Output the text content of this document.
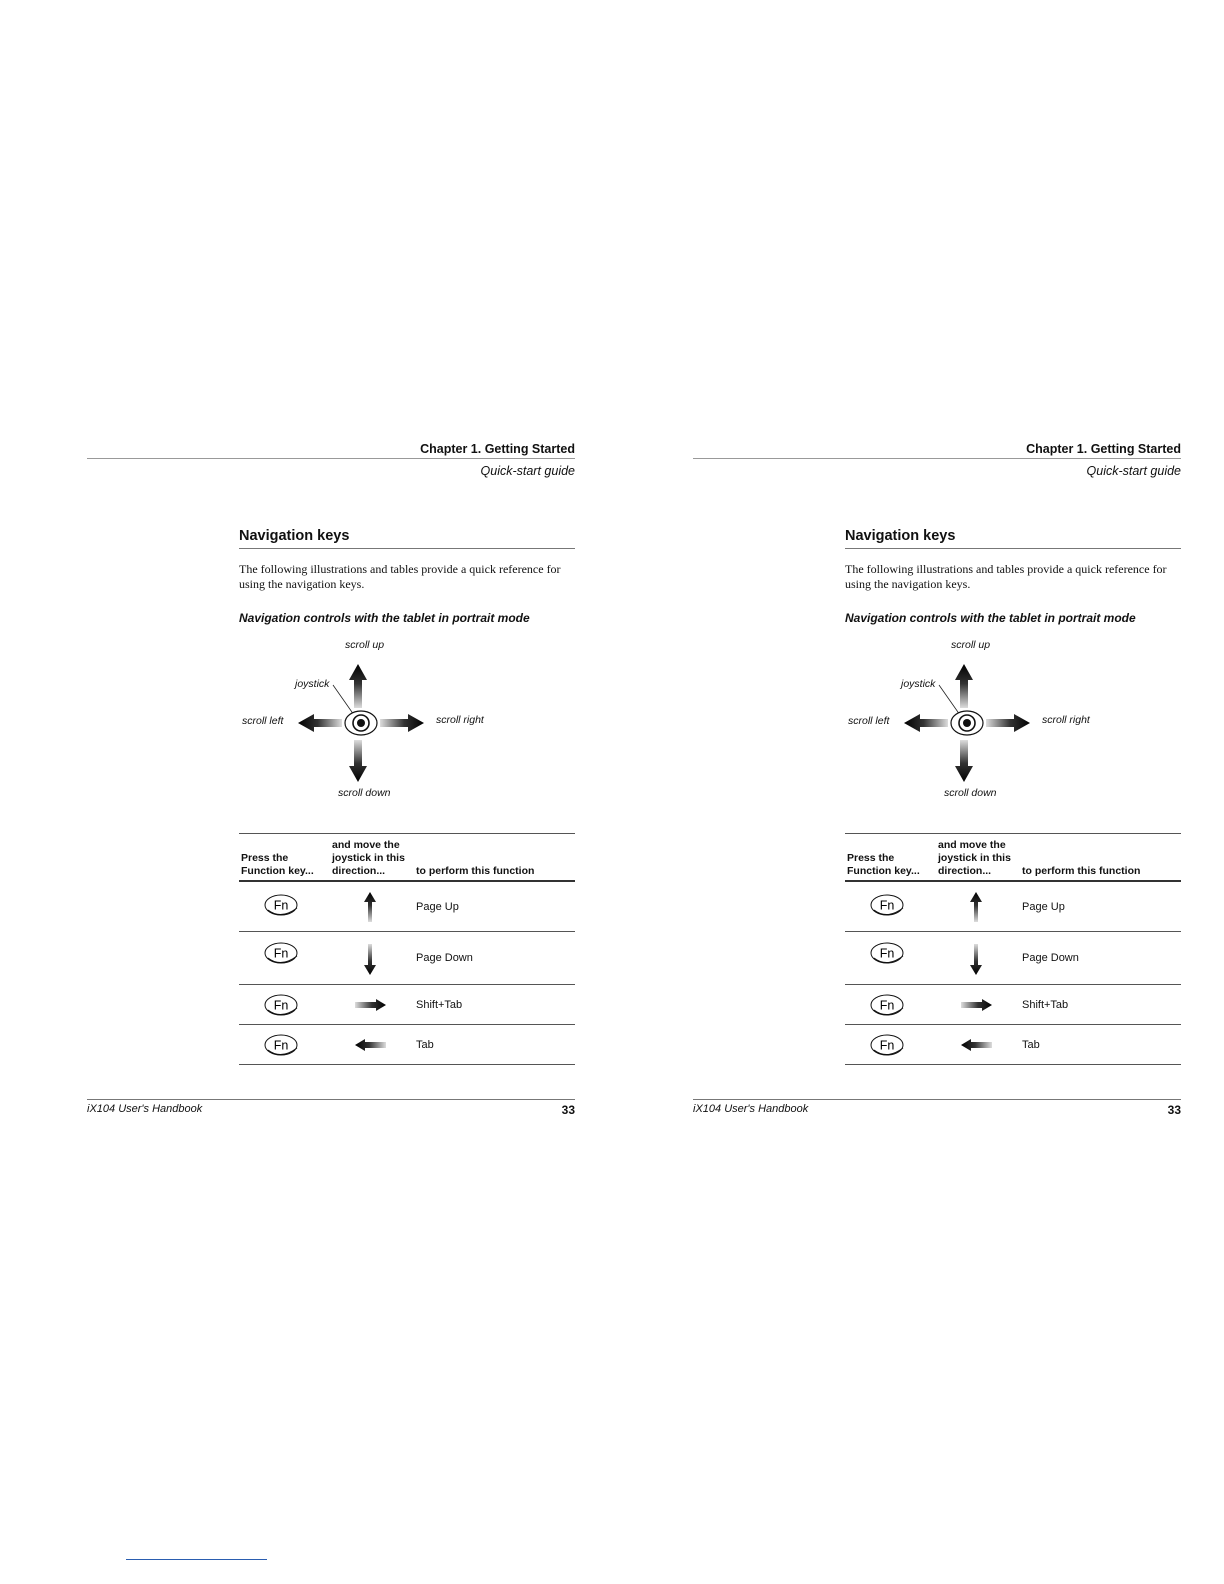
Chapter 1. Getting Started
Quick-start guide
Navigation keys
The following illustrations and tables provide a quick reference for
using the navigation keys.
Navigation controls with the tablet in portrait mode
scroll up
joystick
scroll left	scroll right
scroll down
Press the
Function key...
and move the
joystick in this
direction...	to perform this function
Fn	Page Up
Fn	Page Down
Fn	Shift+Tab
Fn	Tab
iX104 User's Handbook	33
Chapter 1. Getting Started
Quick-start guide
Navigation keys
The following illustrations and tables provide a quick reference for
using the navigation keys.
Navigation controls with the tablet in portrait mode
scroll up
joystick
scroll left	scroll right
scroll down
Press the
Function key...
and move the
joystick in this
direction...	to perform this function
Fn	Page Up
Fn	Page Down
Fn	Shift+Tab
Fn	Tab
iX104 User's Handbook	33
